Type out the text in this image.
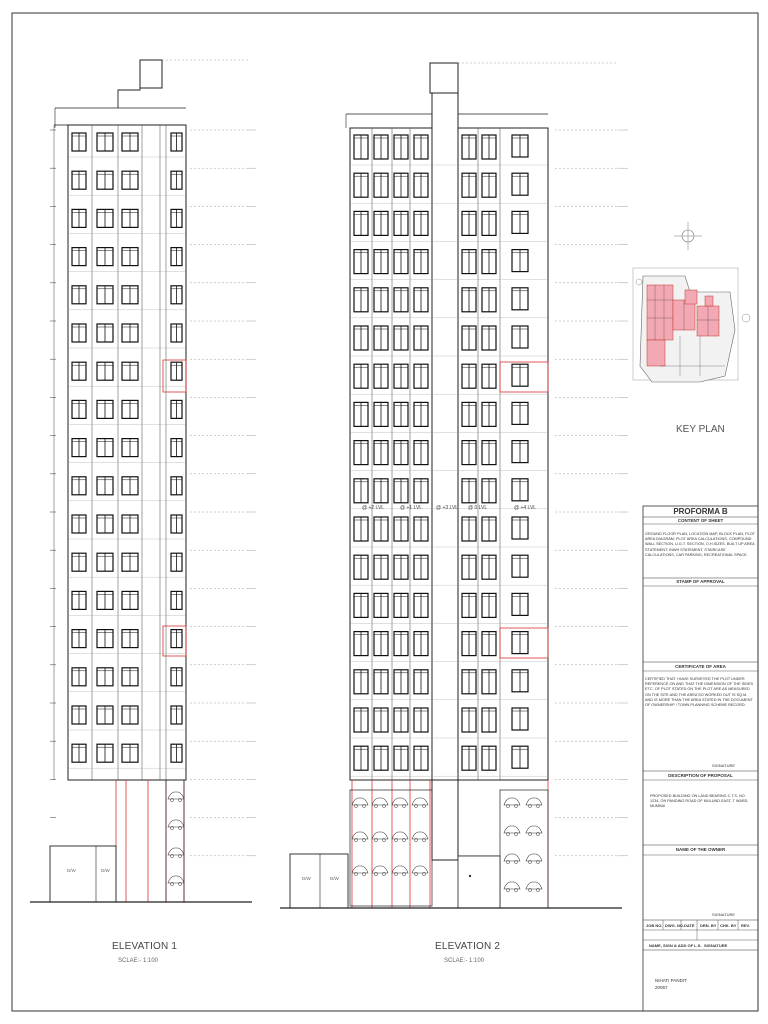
ELEVATION 1
SCLAE:- 1:100
D/W	D/W
ELEVATION 2
SCLAE:- 1:100
D/W	D/W
@ +2 LVL	@ +1 LVL	@ +3 LVL @ 0 LVL	@ +4 LVL
KEY PLAN
PROFORMA B
CONTENT OF SHEET
GROUND FLOOR PLAN, LOCATION MAP, BLOCK PLAN, PLOT AREA DIAGRAM, PLOT AREA CALCULATIONS, COMPOUND WALL SECTION, U.G.T. SECTION, O.H.SIZES, BUILT UP AREA STATEMENT, INWH STATEMENT, STAIRCASE CALCULATIONS, CAR PARKING, RECREATIONAL SPACE.
STAMP OF APPROVAL
CERTIFICATE OF AREA
CERTIFIED THAT I HAVE SURVEYED THE PLOT UNDER REFERENCE ON AND THAT THE DIMENSION OF THE SIDES ETC. OF PLOT STATED ON THE PLOT ARE AS MEASURED ON THE SITE AND THE AREA SO WORKED OUT IS SQ.M. AND IS MORE THAN THE AREA STATED IN THE DOCUMENT OF OWNERSHIP / TOWN PLANNING SCHEME RECORD.
SIGNATURE
DESCRIPTION OF PROPOSAL
PROPOSED BUILDING ON LAND BEARING C.T.S. NO 1234, ON PANDING ROAD OF MULUND EAST, T WARD, MUMBAI
NAME OF THE OWNER
SIGNATURE
JOB NO. DWG. NO. DATE DRN. BY CHK. BY REV.
NAME, SIGN & ADD OF L.S. SIGNATURE
NIHATI PANDIT
20067
